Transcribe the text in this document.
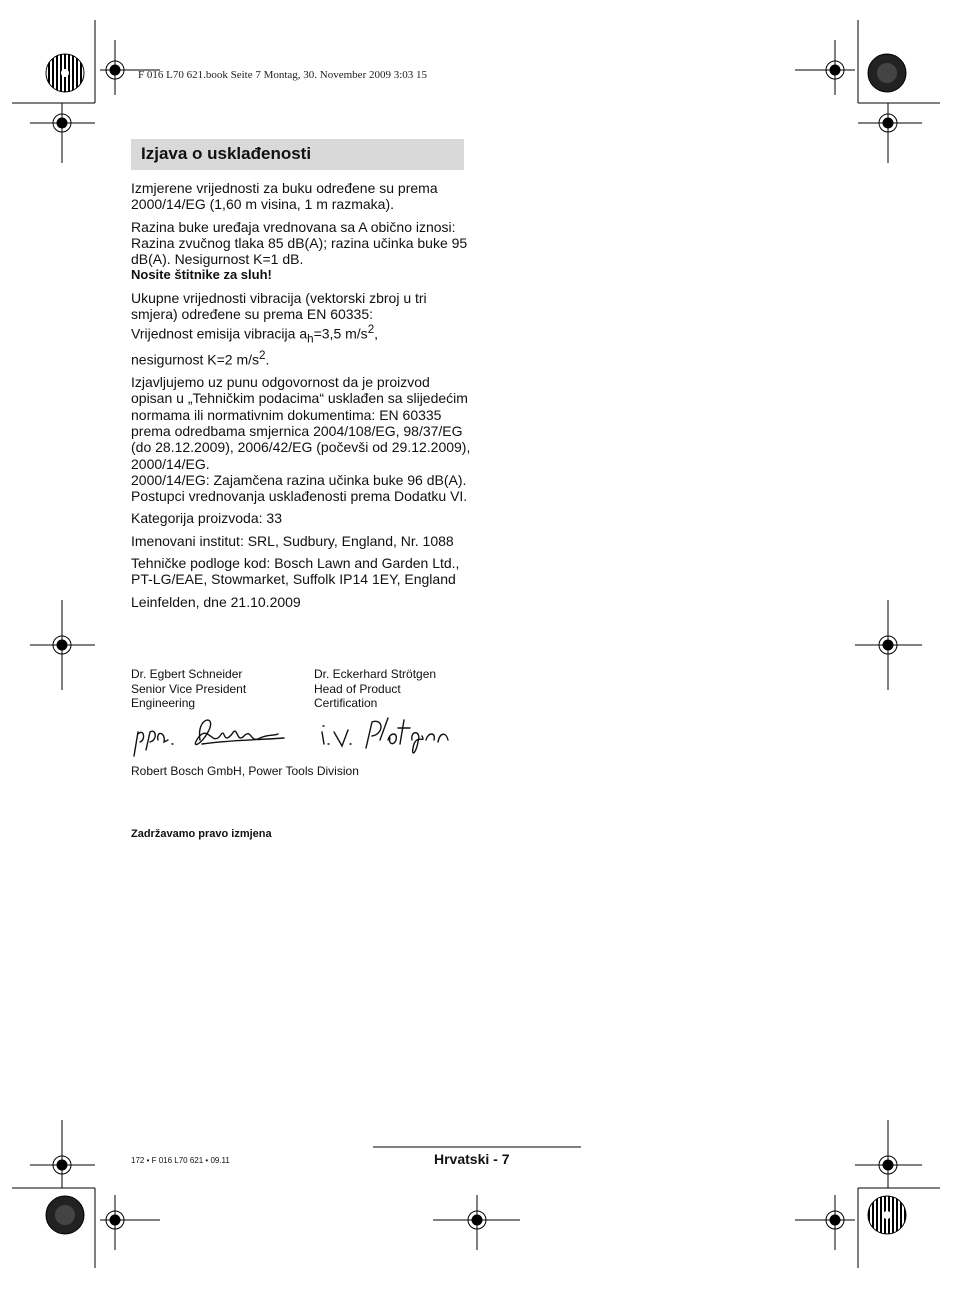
F 016 L70 621.book Seite 7 Montag, 30. November 2009 3:03 15
Izjava o usklađenosti

Izmjerene vrijednosti za buku određene su prema 2000/14/EG (1,60 m visina, 1 m razmaka).

Razina buke uređaja vrednovana sa A obično iznosi: Razina zvučnog tlaka 85 dB(A); razina učinka buke 95 dB(A). Nesigurnost K=1 dB.

Nosite štitnike za sluh!

Ukupne vrijednosti vibracija (vektorski zbroj u tri smjera) određene su prema EN 60335:
Vrijednost emisija vibracija $a_h=3,5$ $m/s^2$,
nesigurnost K=2 $m/s^2$.

Izjavljujemo uz punu odgovornost da je proizvod opisan u „Tehničkim podacima“ usklađen sa slijedećim normama ili normativnim dokumentima: EN 60335 prema odredbama smjernica 2004/108/EG, 98/37/EG (do 28.12.2009), 2006/42/EG (počevši od 29.12.2009), 2000/14/EG.
2000/14/EG: Zajamčena razina učinka buke 96 dB(A).
Postupci vrednovanja usklađenosti prema Dodatku VI.

Kategorija proizvoda: 33

Imenovani institut: SRL, Sudbury, England, Nr. 1088

Tehničke podloge kod: Bosch Lawn and Garden Ltd., PT-LG/EAE, Stowmarket, Suffolk IP14 1EY, England

Leinfelden, dne 21.10.2009

Dr. Egbert Schneider
Senior Vice President
Engineering
Dr. Eckerhard Strötgen
Head of Product
Certification
Robert Bosch GmbH, Power Tools Division
Zadržavamo pravo izmjena
172 • F 016 L70 621 • 09.11	Hrvatski - 7
